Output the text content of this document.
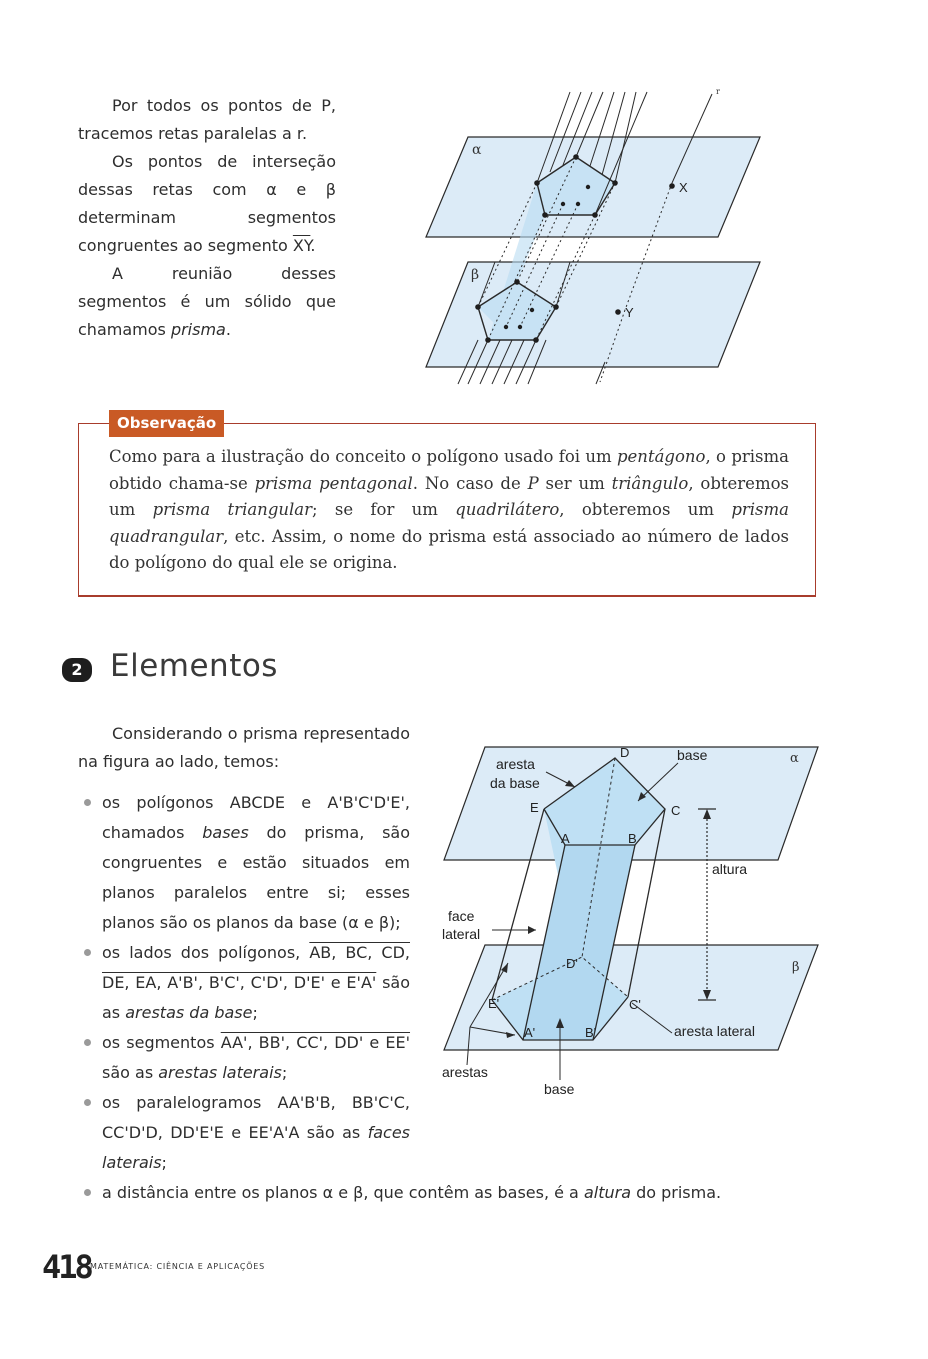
Por todos os pontos de P, tracemos retas paralelas a r.

Os pontos de interseção dessas retas com α e β determinam segmentos congruentes ao segmento $\overline{XY}$.

A reunião desses segmentos é um sólido que chamamos prisma.

α
β
r
X
Y
Observação
Como para a ilustração do conceito o polígono usado foi um pentágono, o prisma obtido chama-se prisma pentagonal. No caso de P ser um triângulo, obteremos um prisma triangular; se for um quadrilátero, obteremos um prisma quadrangular, etc. Assim, o nome do prisma está associado ao número de lados do polígono do qual ele se origina.
2 Elementos
Considerando o prisma representado na figura ao lado, temos:
os polígonos ABCDE e A'B'C'D'E', chamados bases do prisma, são congruentes e estão situados em planos paralelos entre si; esses planos são os planos da base (α e β);
os lados dos polígonos, AB, BC, CD, DE, EA, A'B', B'C', C'D', D'E' e E'A' são as arestas da base;
os segmentos AA', BB', CC', DD' e EE' são as arestas laterais;
os paralelogramos AA'B'B, BB'C'C, CC'D'D, DD'E'E e EE'A'A são as faces laterais;
a distância entre os planos α e β, que contêm as bases, é a altura do prisma.
aresta
da base
base
altura
face
lateral
aresta lateral
arestas
base
α
β
A	B
C
D
E
A'	B'
C'
D'
E'
418 MATEMÁTICA: CIÊNCIA E APLICAÇÕES
